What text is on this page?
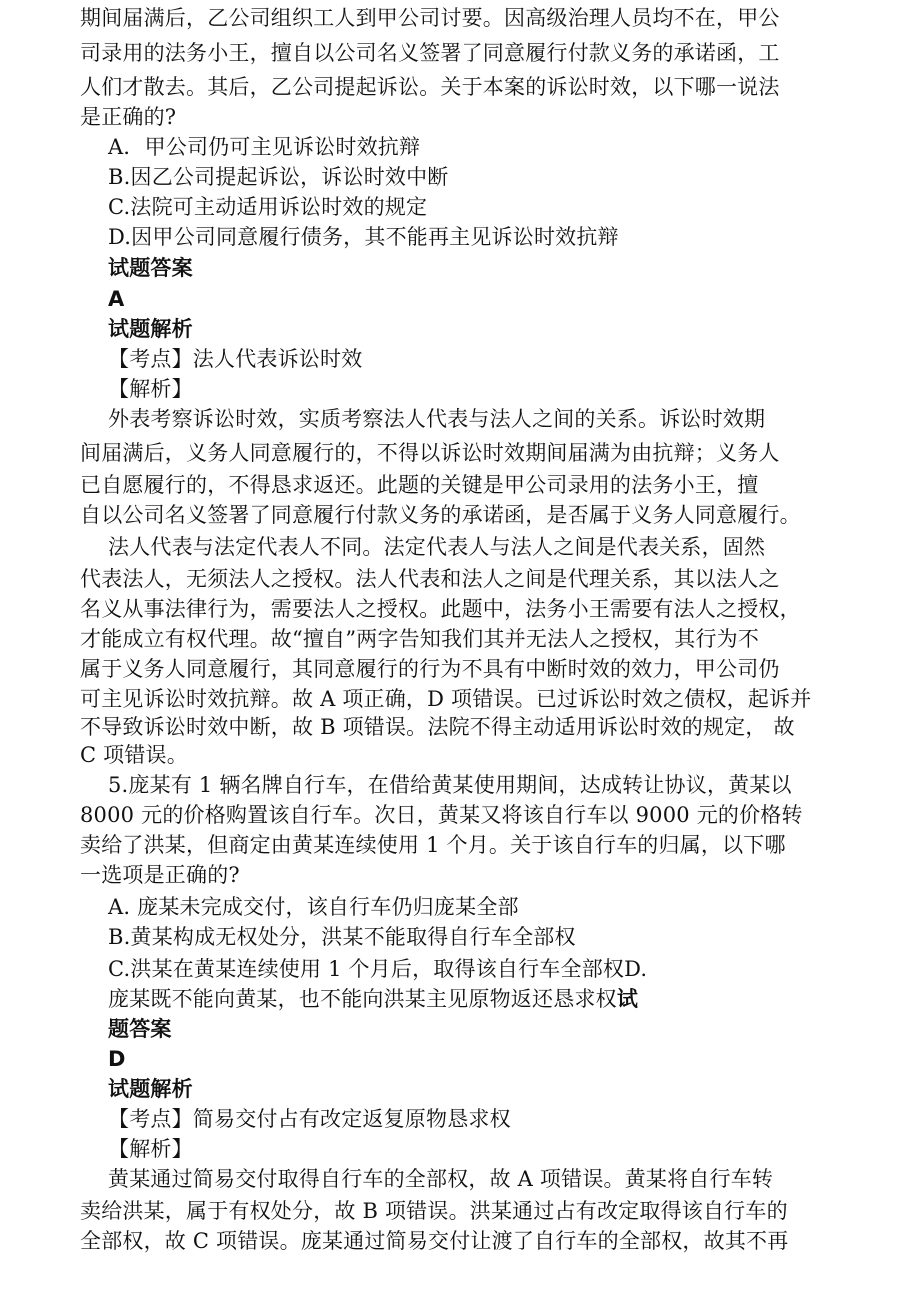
期间届满后，乙公司组织工人到甲公司讨要。因高级治理人员均不在，甲公
司录用的法务小王，擅自以公司名义签署了同意履行付款义务的承诺函，工
人们才散去。其后，乙公司提起诉讼。关于本案的诉讼时效，以下哪一说法
是正确的?
A．甲公司仍可主见诉讼时效抗辩
B.因乙公司提起诉讼，诉讼时效中断
C.法院可主动适用诉讼时效的规定
D.因甲公司同意履行债务，其不能再主见诉讼时效抗辩
试题答案
A
试题解析
【考点】法人代表诉讼时效
【解析】
外表考察诉讼时效，实质考察法人代表与法人之间的关系。诉讼时效期
间届满后，义务人同意履行的，不得以诉讼时效期间届满为由抗辩；义务人
已自愿履行的，不得恳求返还。此题的关键是甲公司录用的法务小王，擅
自以公司名义签署了同意履行付款义务的承诺函，是否属于义务人同意履行。
法人代表与法定代表人不同。法定代表人与法人之间是代表关系，固然
代表法人，无须法人之授权。法人代表和法人之间是代理关系，其以法人之
名义从事法律行为，需要法人之授权。此题中，法务小王需要有法人之授权，
才能成立有权代理。故“擅自”两字告知我们其并无法人之授权，其行为不
属于义务人同意履行，其同意履行的行为不具有中断时效的效力，甲公司仍
可主见诉讼时效抗辩。故 A 项正确，D 项错误。已过诉讼时效之债权，起诉并
不导致诉讼时效中断，故 B 项错误。法院不得主动适用诉讼时效的规定， 故
C 项错误。
5.庞某有 1 辆名牌自行车，在借给黄某使用期间，达成转让协议，黄某以
8000 元的价格购置该自行车。次日，黄某又将该自行车以 9000 元的价格转
卖给了洪某，但商定由黄某连续使用 1 个月。关于该自行车的归属，以下哪
一选项是正确的?
A. 庞某未完成交付，该自行车仍归庞某全部
B.黄某构成无权处分，洪某不能取得自行车全部权
C.洪某在黄某连续使用 1 个月后，取得该自行车全部权D.
庞某既不能向黄某，也不能向洪某主见原物返还恳求权试
题答案
D
试题解析
【考点】简易交付占有改定返复原物恳求权
【解析】
黄某通过简易交付取得自行车的全部权，故 A 项错误。黄某将自行车转
卖给洪某，属于有权处分，故 B 项错误。洪某通过占有改定取得该自行车的
全部权，故 C 项错误。庞某通过简易交付让渡了自行车的全部权，故其不再
